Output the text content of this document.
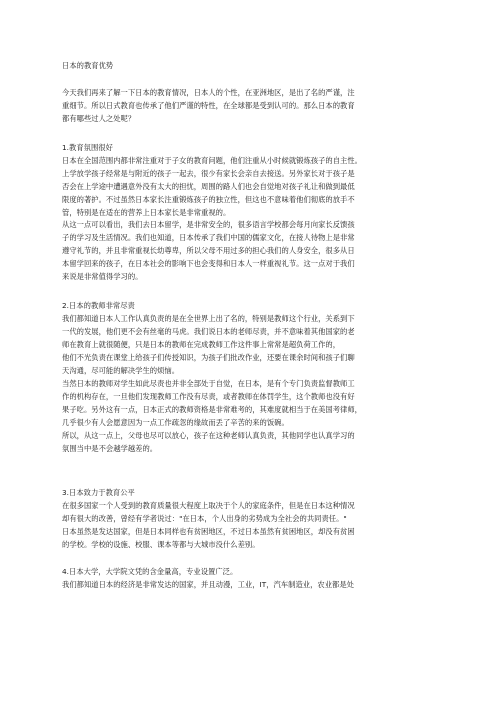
日本的教育优势
今天我们再来了解一下日本的教育情况，日本人的个性，在亚洲地区，是出了名的严谨，注
重细节。所以日式教育也传承了他们严谨的特性，在全球都是受到认可的。那么日本的教育
都有哪些过人之处呢？
1.教育氛围很好
日本在全国范围内都非常注重对于子女的教育问题，他们注重从小时候就锻炼孩子的自主性。
上学放学孩子经常是与附近的孩子一起去，很少有家长会亲自去接送。另外家长对于孩子是
否会在上学途中遭遇意外没有太大的担忧，周围的路人们也会自觉地对孩子礼让和做到最低
限度的著护。不过虽然日本家长注重锻炼孩子的独立性，但这也不意味着他们彻底的放手不
管，特别是在适在的营养上日本家长是非常重视的。
从这一点可以看出，我们去日本留学，是非常安全的，很多语言学校都会每月向家长反馈孩
子的学习及生活情况。我们也知道，日本传承了我们中国的儒家文化，在接人待物上是非常
遵守礼节的，并且非常重视长幼尊卑，所以父母不用过多的担心我们的人身安全，很多从日
本留学回来的孩子，在日本社会的影响下也会变得和日本人一样重视礼节。这一点对于我们
来说是非常值得学习的。
2.日本的教师非常尽责
我们都知道日本人工作认真负责的是在全世界上出了名的，特别是教师这个行业，关系到下
一代的发展，他们更不会有丝毫的马虎。我们说日本的老师尽责，并不意味着其他国家的老
师在教育上就很随便，只是日本的教师在完成教师工作这件事上常常是超负荷工作的，
他们不光负责在课堂上给孩子们传授知识，为孩子们批改作业，还要在课余时间和孩子们聊
天沟通，尽可能的解决学生的烦恼。
当然日本的教师对学生如此尽责也并非全部处于自觉，在日本，是有个专门负责监督教师工
作的机构存在，一旦他们发现教师工作没有尽责，或者教师在体罚学生，这个教师也没有好
果子吃。另外这有一点，日本正式的教师资格是非常难考的，其难度就相当于在美国考律师，
几乎很少有人会愿意因为一点工作疏忽的缘故而丢了辛苦的来的饭碗。
所以，从这一点上，父母也尽可以放心，孩子在这种老师认真负责，其他同学也认真学习的
氛围当中是不会越学越差的。
3.日本致力于教育公平
在很多国家一个人受到的教育质量很大程度上取决于个人的家庭条件，但是在日本这种情况
却有很大的改善，曾经有学者说过："在日本，个人出身的劣势成为全社会的共同责任。"
日本虽然是发达国家，但是日本同样也有贫困地区，不过日本虽然有贫困地区，却没有贫困
的学校。学校的设施、校服、课本等都与大城市没什么差别。
4.日本大学，大学院文凭的含金量高，专业设置广泛。
我们都知道日本的经济是非常发达的国家，并且动漫，工业，IT，汽车制造业，农业都是处
